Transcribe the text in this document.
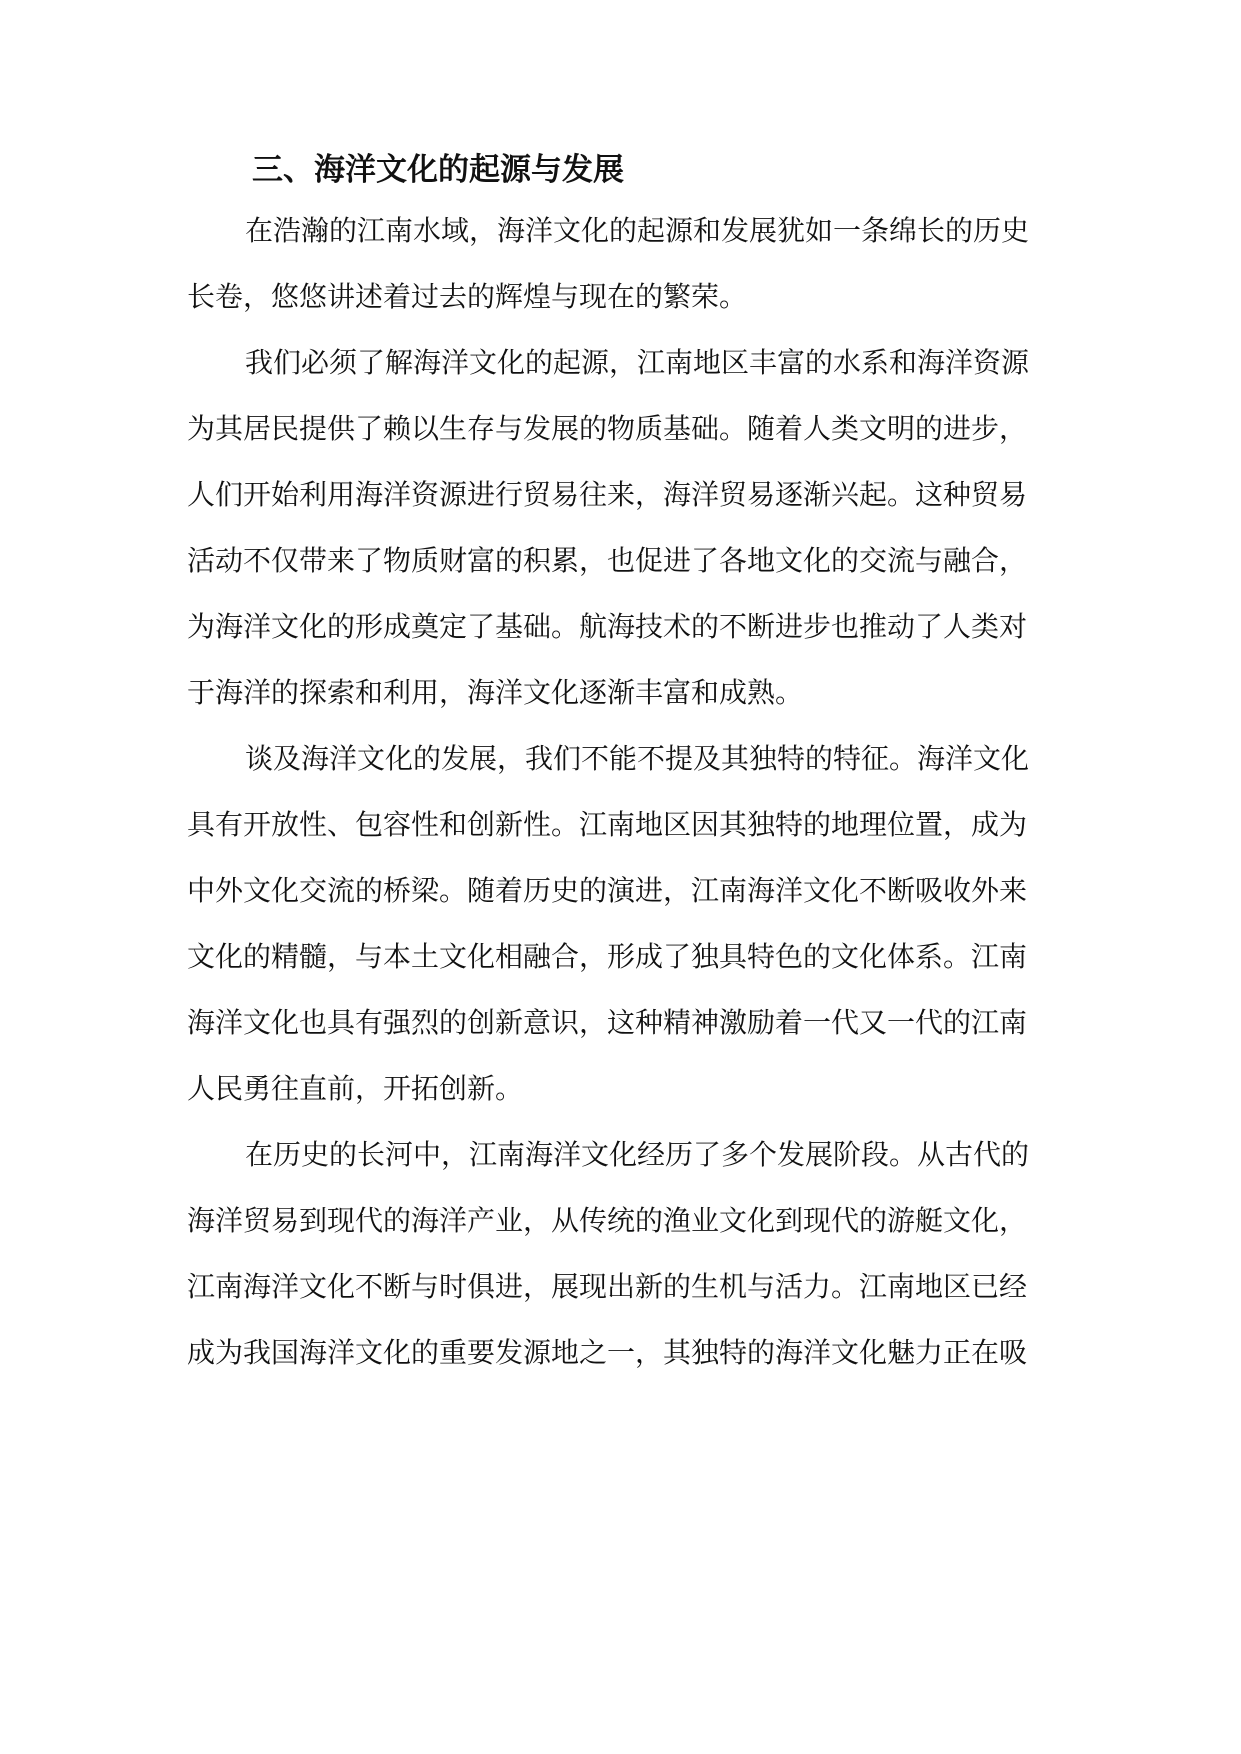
三、海洋文化的起源与发展

在浩瀚的江南水域，海洋文化的起源和发展犹如一条绵长的历史

长卷，悠悠讲述着过去的辉煌与现在的繁荣。

我们必须了解海洋文化的起源，江南地区丰富的水系和海洋资源

为其居民提供了赖以生存与发展的物质基础。随着人类文明的进步，

人们开始利用海洋资源进行贸易往来，海洋贸易逐渐兴起。这种贸易

活动不仅带来了物质财富的积累，也促进了各地文化的交流与融合，

为海洋文化的形成奠定了基础。航海技术的不断进步也推动了人类对

于海洋的探索和利用，海洋文化逐渐丰富和成熟。

谈及海洋文化的发展，我们不能不提及其独特的特征。海洋文化

具有开放性、包容性和创新性。江南地区因其独特的地理位置，成为

中外文化交流的桥梁。随着历史的演进，江南海洋文化不断吸收外来

文化的精髓，与本土文化相融合，形成了独具特色的文化体系。江南

海洋文化也具有强烈的创新意识，这种精神激励着一代又一代的江南

人民勇往直前，开拓创新。

在历史的长河中，江南海洋文化经历了多个发展阶段。从古代的

海洋贸易到现代的海洋产业，从传统的渔业文化到现代的游艇文化，

江南海洋文化不断与时俱进，展现出新的生机与活力。江南地区已经

成为我国海洋文化的重要发源地之一，其独特的海洋文化魅力正在吸
